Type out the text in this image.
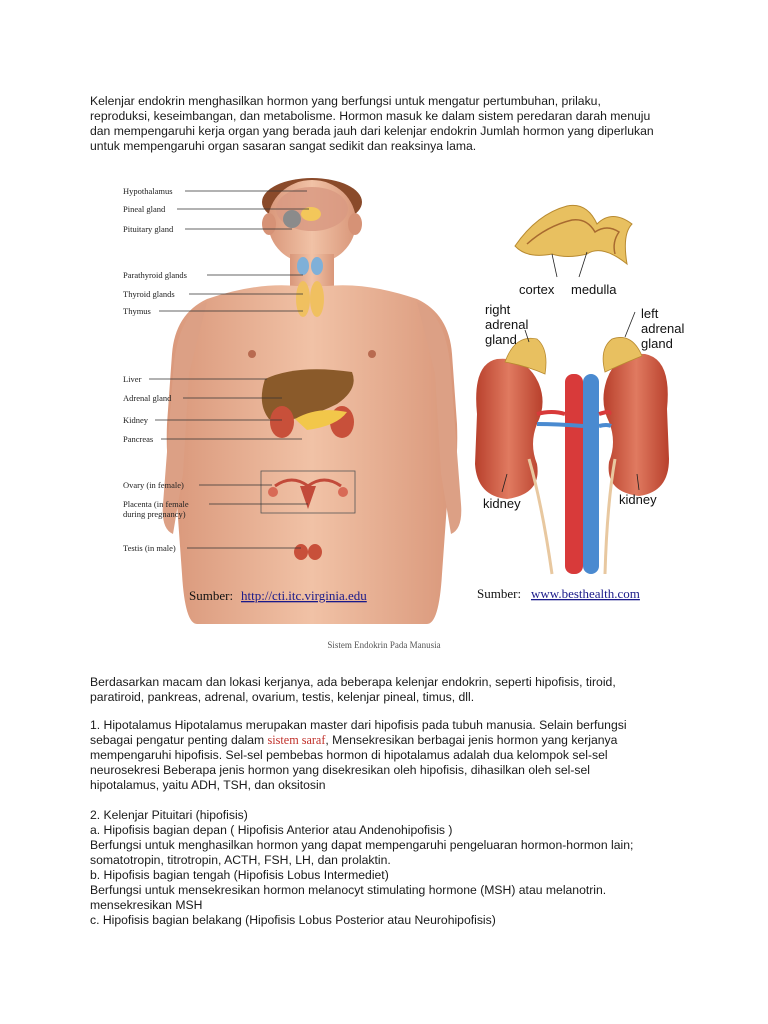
Kelenjar endokrin menghasilkan hormon yang berfungsi untuk mengatur pertumbuhan, prilaku,
reproduksi, keseimbangan, dan metabolisme. Hormon masuk ke dalam sistem peredaran darah menuju
dan mempengaruhi kerja organ yang berada jauh dari kelenjar endokrin Jumlah hormon yang diperlukan
untuk mempengaruhi organ sasaran sangat sedikit dan reaksinya lama.

Hypothalamus
Pineal gland
Pituitary gland
Parathyroid glands
Thyroid glands
Thymus
Liver
Adrenal gland
Kidney
Pancreas
Ovary (in female)
Placenta (in female
during pregnancy)
Testis (in male)
Sumber: http://cti.itc.virginia.edu
cortex medulla
right
adrenal
gland
left
adrenal
gland
kidney	kidney
Sumber: www.besthealth.com
Sistem Endokrin Pada Manusia

Berdasarkan macam dan lokasi kerjanya, ada beberapa kelenjar endokrin, seperti hipofisis, tiroid,
paratiroid, pankreas, adrenal, ovarium, testis, kelenjar pineal, timus, dll.

1. Hipotalamus Hipotalamus merupakan master dari hipofisis pada tubuh manusia. Selain berfungsi
sebagai pengatur penting dalam sistem saraf, Mensekresikan berbagai jenis hormon yang kerjanya
mempengaruhi hipofisis. Sel-sel pembebas hormon di hipotalamus adalah dua kelompok sel-sel
neurosekresi Beberapa jenis hormon yang disekresikan oleh hipofisis, dihasilkan oleh sel-sel
hipotalamus, yaitu ADH, TSH, dan oksitosin

2. Kelenjar Pituitari (hipofisis)
a. Hipofisis bagian depan ( Hipofisis Anterior atau Andenohipofisis )
Berfungsi untuk menghasilkan hormon yang dapat mempengaruhi pengeluaran hormon-hormon lain;
somatotropin, titrotropin, ACTH, FSH, LH, dan prolaktin.
b. Hipofisis bagian tengah (Hipofisis Lobus Intermediet)
Berfungsi untuk mensekresikan hormon melanocyt stimulating hormone (MSH) atau melanotrin.
mensekresikan MSH
c. Hipofisis bagian belakang (Hipofisis Lobus Posterior atau Neurohipofisis)
